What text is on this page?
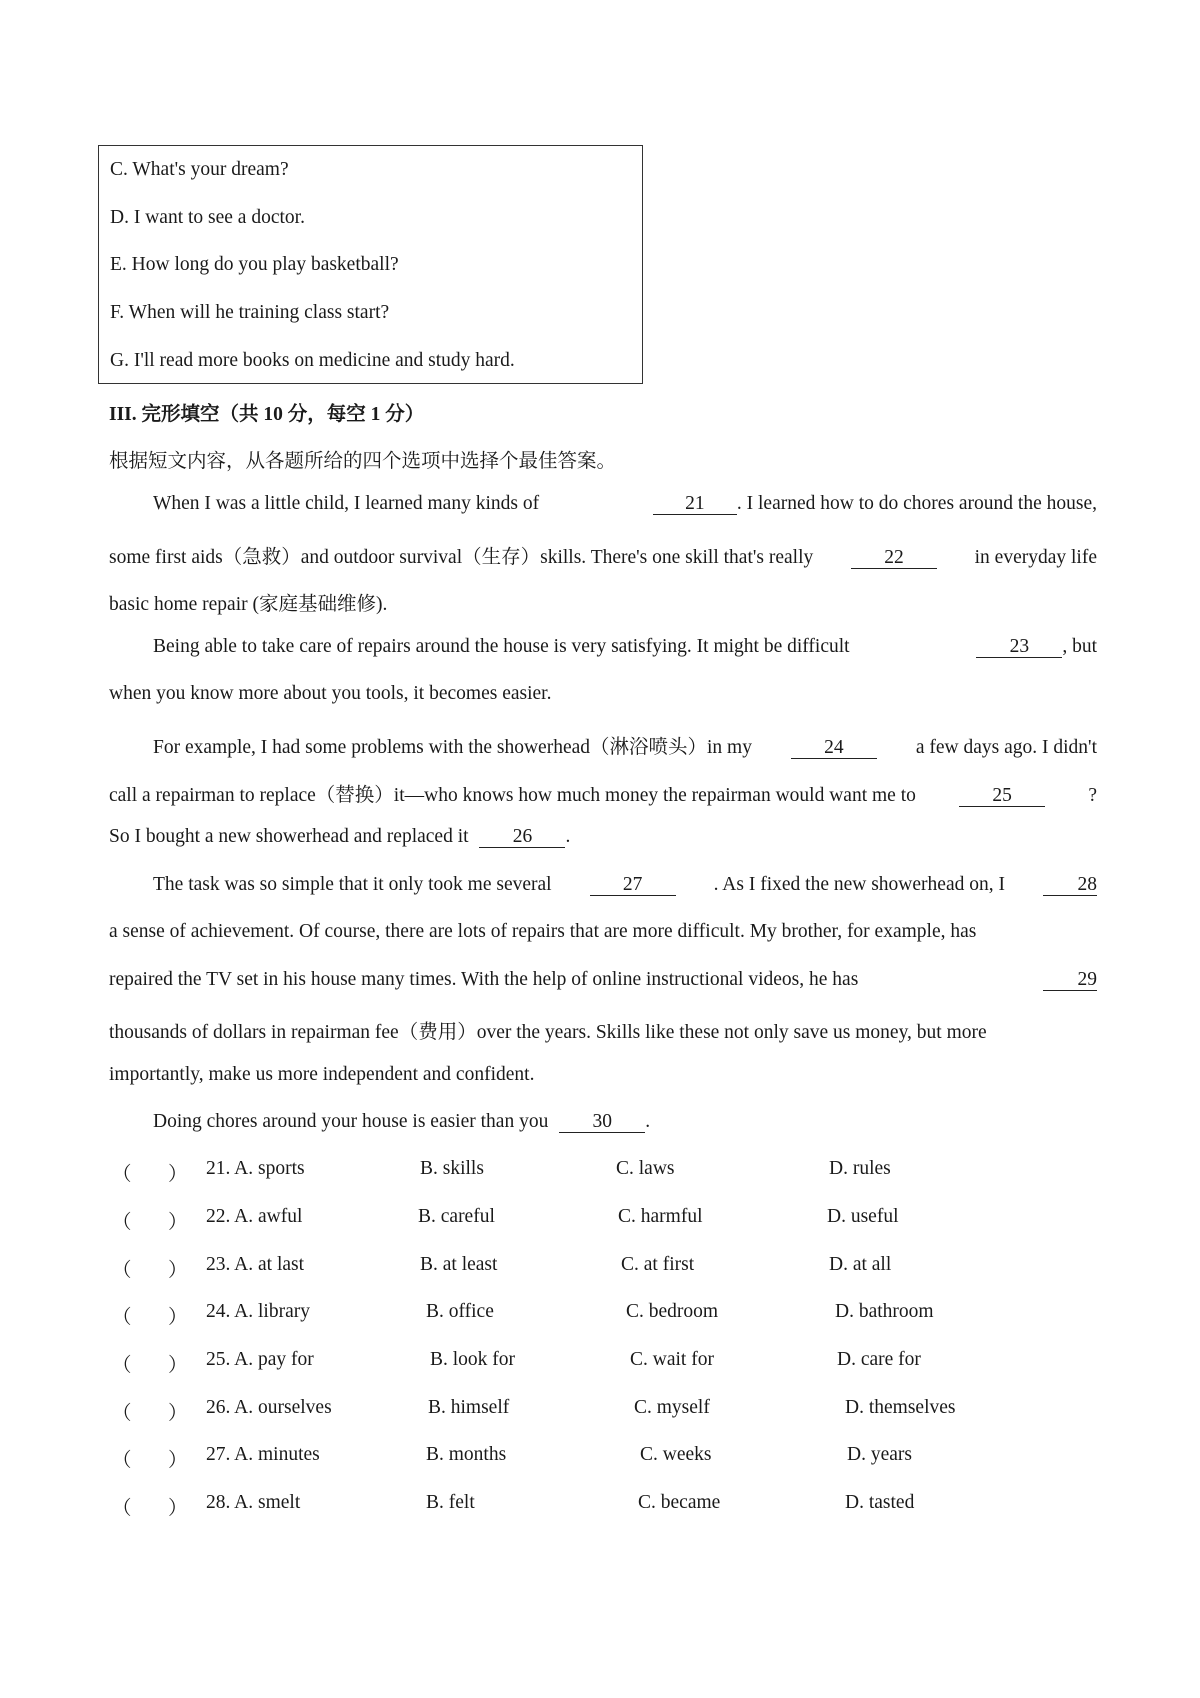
C. What's your dream?
D. I want to see a doctor.
E. How long do you play basketball?
F. When will he training class start?
G. I'll read more books on medicine and study hard.
III. 完形填空（共 10 分，每空 1 分）
根据短文内容，从各题所给的四个选项中选择个最佳答案。
When I was a little child, I learned many kinds of	21 . I learned how to do chores around the house,
some first aids（急救）and outdoor survival（生存）skills. There's one skill that's really	22	in everyday life
basic home repair (家庭基础维修).
Being able to take care of repairs around the house is very satisfying. It might be difficult	23 , but
when you know more about you tools, it becomes easier.
For example, I had some problems with the showerhead（淋浴喷头）in my	24	a few days ago. I didn't
call a repairman to replace（替换）it—who knows how much money the repairman would want me to	25	?
So I bought a new showerhead and replaced it 26 .
The task was so simple that it only took me several	27	. As I fixed the new showerhead on, I	28
a sense of achievement. Of course, there are lots of repairs that are more difficult. My brother, for example, has
repaired the TV set in his house many times. With the help of online instructional videos, he has	29
thousands of dollars in repairman fee（费用）over the years. Skills like these not only save us money, but more
importantly, make us more independent and confident.
Doing chores around your house is easier than you 30 .
（ ） 21. A. sports	B. skills	C. laws	D. rules
（ ） 22. A. awful	B. careful	C. harmful	D. useful
（ ） 23. A. at last	B. at least	C. at first	D. at all
（ ） 24. A. library	B. office	C. bedroom	D. bathroom
（ ） 25. A. pay for	B. look for	C. wait for	D. care for
（ ） 26. A. ourselves	B. himself	C. myself	D. themselves
（ ） 27. A. minutes	B. months	C. weeks	D. years
（ ） 28. A. smelt	B. felt	C. became	D. tasted
